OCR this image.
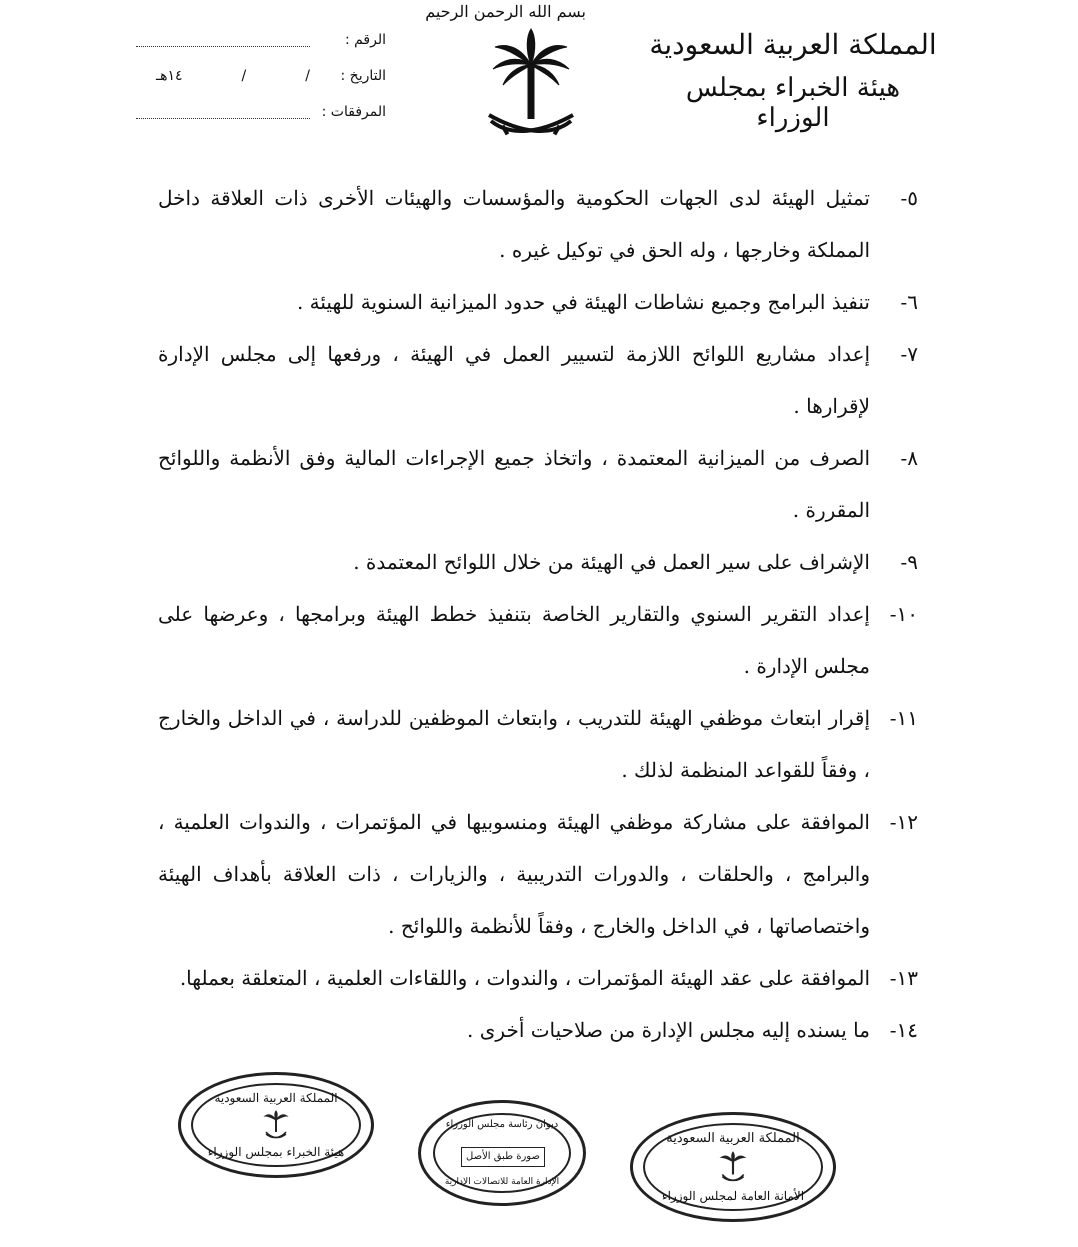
المملكة العربية السعودية
هيئة الخبراء بمجلس الوزراء
بسم الله الرحمن الرحيم
الرقم :
التاريخ :
١٤هـ	/	/
المرفقات :
٥-
تمثيل الهيئة لدى الجهات الحكومية والمؤسسات والهيئات الأخرى ذات العلاقة داخل المملكة وخارجها ، وله الحق في توكيل غيره .
٦-
تنفيذ البرامج وجميع نشاطات الهيئة في حدود الميزانية السنوية للهيئة .
٧-
إعداد مشاريع اللوائح اللازمة لتسيير العمل في الهيئة ، ورفعها إلى مجلس الإدارة لإقرارها .
٨-
الصرف من الميزانية المعتمدة ، واتخاذ جميع الإجراءات المالية وفق الأنظمة واللوائح المقررة .
٩-
الإشراف على سير العمل في الهيئة من خلال اللوائح المعتمدة .
١٠-
إعداد التقرير السنوي والتقارير الخاصة بتنفيذ خطط الهيئة وبرامجها ، وعرضها على مجلس الإدارة .
١١-
إقرار ابتعاث موظفي الهيئة للتدريب ، وابتعاث الموظفين للدراسة ، في الداخل والخارج ، وفقاً للقواعد المنظمة لذلك .
١٢-
الموافقة على مشاركة موظفي الهيئة ومنسوبيها في المؤتمرات ، والندوات العلمية ، والبرامج ، والحلقات ، والدورات التدريبية ، والزيارات ، ذات العلاقة بأهداف الهيئة واختصاصاتها ، في الداخل والخارج ، وفقاً للأنظمة واللوائح .
١٣-
الموافقة على عقد الهيئة المؤتمرات ، والندوات ، واللقاءات العلمية ، المتعلقة بعملها.
١٤-
ما يسنده إليه مجلس الإدارة من صلاحيات أخرى .
المملكة العربية السعودية
هيئة الخبراء بمجلس الوزراء
ديوان رئاسة مجلس الوزراء
صورة طبق الأصل
الإدارة العامة للاتصالات الإدارية
المملكة العربية السعودية
الأمانة العامة لمجلس الوزراء
